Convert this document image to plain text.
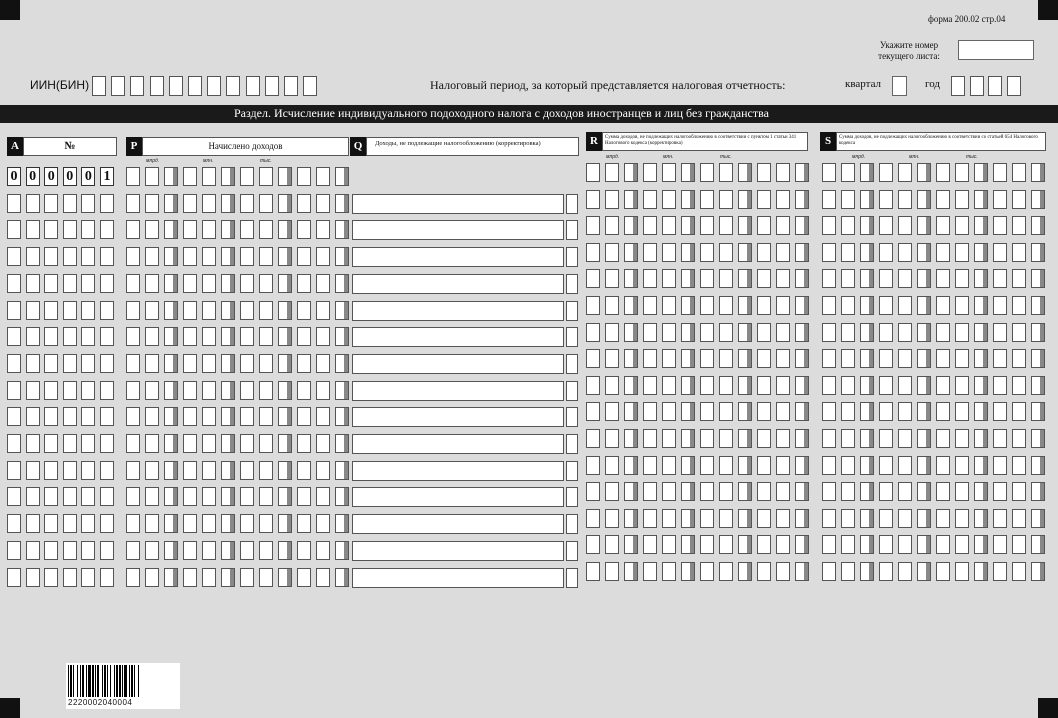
форма 200.02 стр.04
Укажите номер текущего листа:
ИИН(БИН)	Налоговый период, за который представляется налоговая отчетность:	квартал	год
Раздел. Исчисление индивидуального подоходного налога с доходов иностранцев и лиц без гражданства
A	№	P	Начислено доходов	Q	Доходы, не подлежащие налогообложению (корректировка)	R	Сумма доходов, не подлежащих налогообложению в соответствии с пунктом 1 статьи 341 Налогового кодекса (корректировка)	S	Сумма доходов, не подлежащих налогообложению в соответствии со статьей 654 Налогового кодекса
млрд.	млн.	тыс.
млрд.	млн.	тыс.	млрд.	млн.	тыс.
0 0 0 0 0 1
2220002040004
